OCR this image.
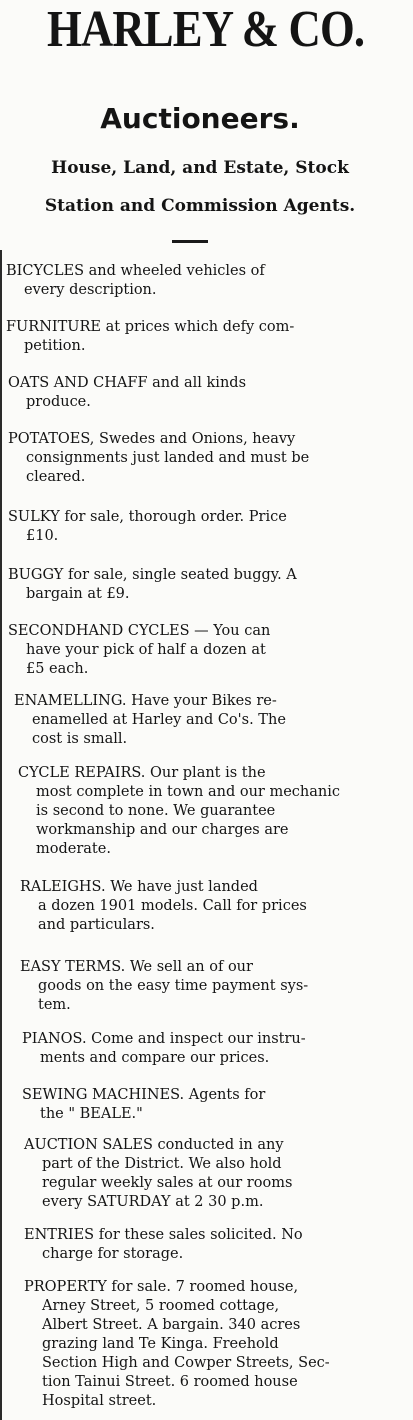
HARLEY & CO.
Auctioneers.
House, Land, and Estate, Stock
Station and Commission Agents.
BICYCLES and wheeled vehicles of
every description.
FURNITURE at prices which defy com-
petition.
OATS AND CHAFF and all kinds
produce.
POTATOES, Swedes and Onions, heavy
consignments just landed and must be
cleared.
SULKY for sale, thorough order. Price
£10.
BUGGY for sale, single seated buggy. A
bargain at £9.
SECONDHAND CYCLES — You can
have your pick of half a dozen at
£5 each.
ENAMELLING. Have your Bikes re-
enamelled at Harley and Co's. The
cost is small.
CYCLE REPAIRS. Our plant is the
most complete in town and our mechanic
is second to none. We guarantee
workmanship and our charges are
moderate.
RALEIGHS. We have just landed
a dozen 1901 models. Call for prices
and particulars.
EASY TERMS. We sell an of our
goods on the easy time payment sys-
tem.
PIANOS. Come and inspect our instru-
ments and compare our prices.
SEWING MACHINES. Agents for
the " BEALE."
AUCTION SALES conducted in any
part of the District. We also hold
regular weekly sales at our rooms
every SATURDAY at 2 30 p.m.
ENTRIES for these sales solicited. No
charge for storage.
PROPERTY for sale. 7 roomed house,
Arney Street, 5 roomed cottage,
Albert Street. A bargain. 340 acres
grazing land Te Kinga. Freehold
Section High and Cowper Streets, Sec-
tion Tainui Street. 6 roomed house
Hospital street.
